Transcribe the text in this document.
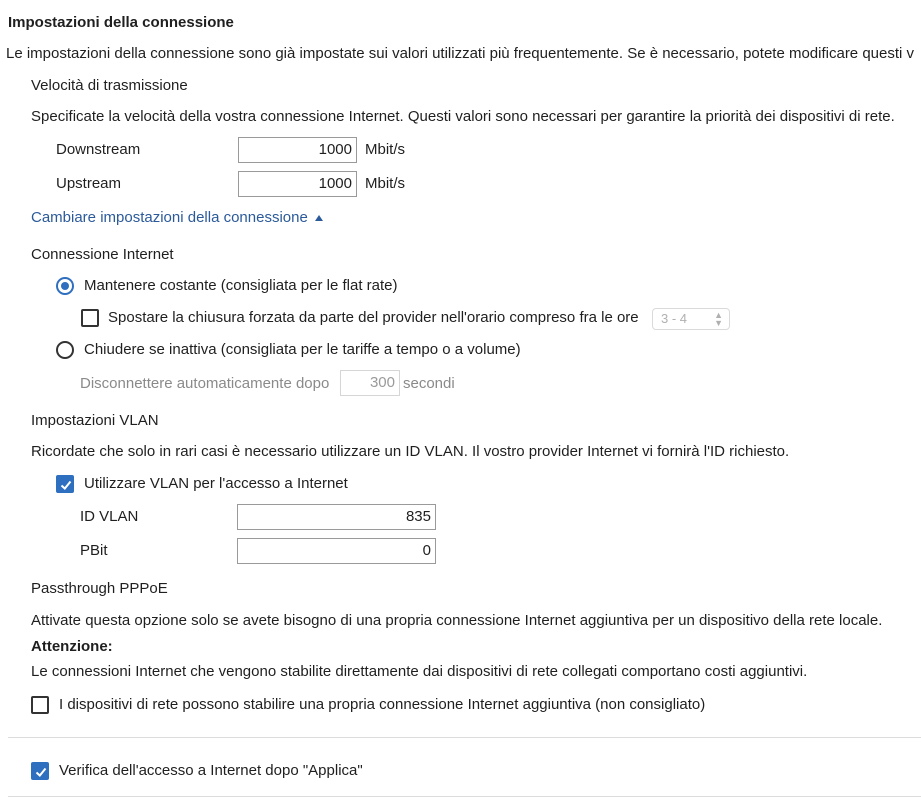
Impostazioni della connessione
Le impostazioni della connessione sono già impostate sui valori utilizzati più frequentemente. Se è necessario, potete modificare questi v
Velocità di trasmissione
Specificate la velocità della vostra connessione Internet. Questi valori sono necessari per garantire la priorità dei dispositivi di rete.
Downstream	1000 Mbit/s
Upstream	1000 Mbit/s
Cambiare impostazioni della connessione
Connessione Internet
Mantenere costante (consigliata per le flat rate)
Spostare la chiusura forzata da parte del provider nell'orario compreso fra le ore	3 - 4	▲
▼
Chiudere se inattiva (consigliata per le tariffe a tempo o a volume)
Disconnettere automaticamente dopo	300 secondi
Impostazioni VLAN
Ricordate che solo in rari casi è necessario utilizzare un ID VLAN. Il vostro provider Internet vi fornirà l'ID richiesto.
Utilizzare VLAN per l'accesso a Internet
ID VLAN	835
PBit	0
Passthrough PPPoE
Attivate questa opzione solo se avete bisogno di una propria connessione Internet aggiuntiva per un dispositivo della rete locale.
Attenzione:
Le connessioni Internet che vengono stabilite direttamente dai dispositivi di rete collegati comportano costi aggiuntivi.
I dispositivi di rete possono stabilire una propria connessione Internet aggiuntiva (non consigliato)
Verifica dell'accesso a Internet dopo "Applica"
